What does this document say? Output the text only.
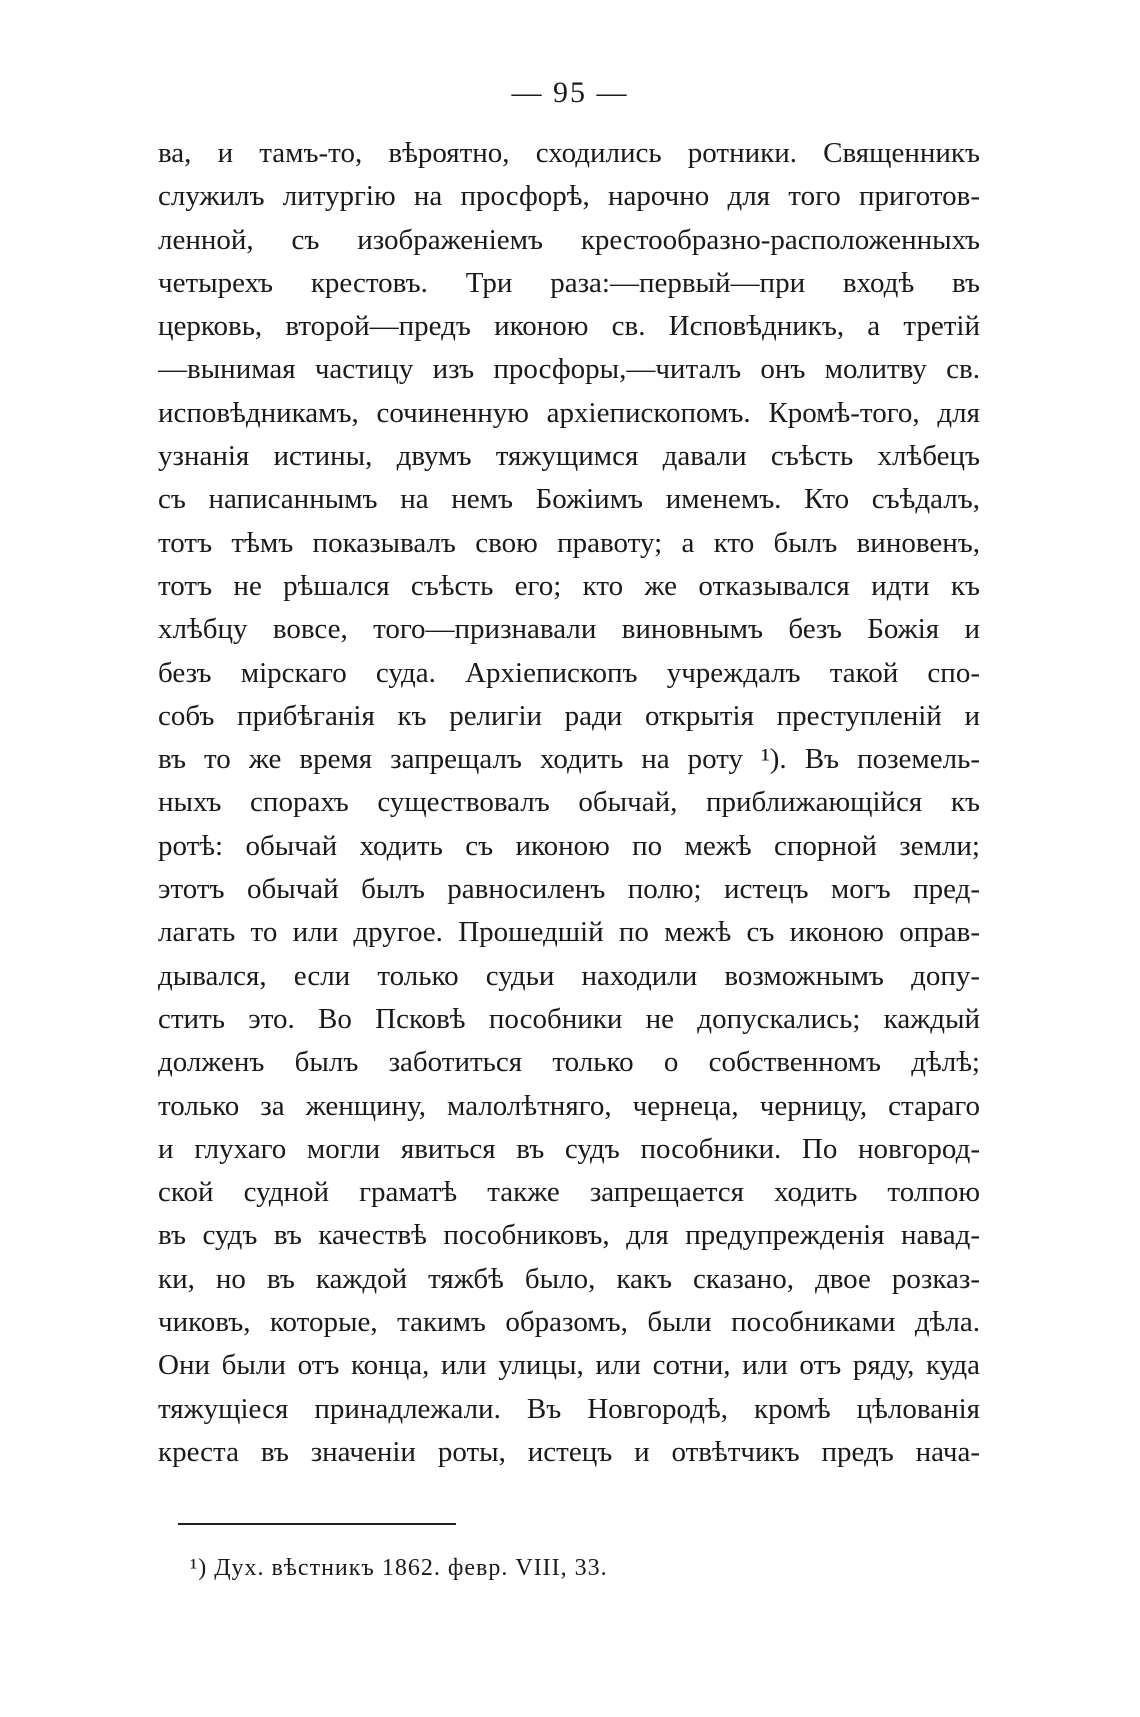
— 95 —
ва, и тамъ-то, вѣроятно, сходились ротники. Священникъ
служилъ литургію на просфорѣ, нарочно для того приготов-
ленной, съ изображеніемъ крестообразно-расположенныхъ
четырехъ крестовъ. Три раза:—первый—при входѣ въ
церковь, второй—предъ иконою св. Исповѣдникъ, а третій
—вынимая частицу изъ просфоры,—читалъ онъ молитву св.
исповѣдникамъ, сочиненную архіепископомъ. Кромѣ-того, для
узнанія истины, двумъ тяжущимся давали съѣсть хлѣбецъ
съ написаннымъ на немъ Божіимъ именемъ. Кто съѣдалъ,
тотъ тѣмъ показывалъ свою правоту; а кто былъ виновенъ,
тотъ не рѣшался съѣсть его; кто же отказывался идти къ
хлѣбцу вовсе, того—признавали виновнымъ безъ Божія и
безъ мірскаго суда. Архіепископъ учреждалъ такой спо-
собъ прибѣганія къ религіи ради открытія преступленій и
въ то же время запрещалъ ходить на роту ¹). Въ поземель-
ныхъ спорахъ существовалъ обычай, приближающійся къ
ротѣ: обычай ходить съ иконою по межѣ спорной земли;
этотъ обычай былъ равносиленъ полю; истецъ могъ пред-
лагать то или другое. Прошедшій по межѣ съ иконою оправ-
дывался, если только судьи находили возможнымъ допу-
стить это. Во Псковѣ пособники не допускались; каждый
долженъ былъ заботиться только о собственномъ дѣлѣ;
только за женщину, малолѣтняго, чернеца, черницу, стараго
и глухаго могли явиться въ судъ пособники. По новгород-
ской судной граматѣ также запрещается ходить толпою
въ судъ въ качествѣ пособниковъ, для предупрежденія навад-
ки, но въ каждой тяжбѣ было, какъ сказано, двое розказ-
чиковъ, которые, такимъ образомъ, были пособниками дѣла.
Они были отъ конца, или улицы, или сотни, или отъ ряду, куда
тяжущіеся принадлежали. Въ Новгородѣ, кромѣ цѣлованія
креста въ значеніи роты, истецъ и отвѣтчикъ предъ нача-
¹) Дух. вѣстникъ 1862. февр. VIII, 33.
